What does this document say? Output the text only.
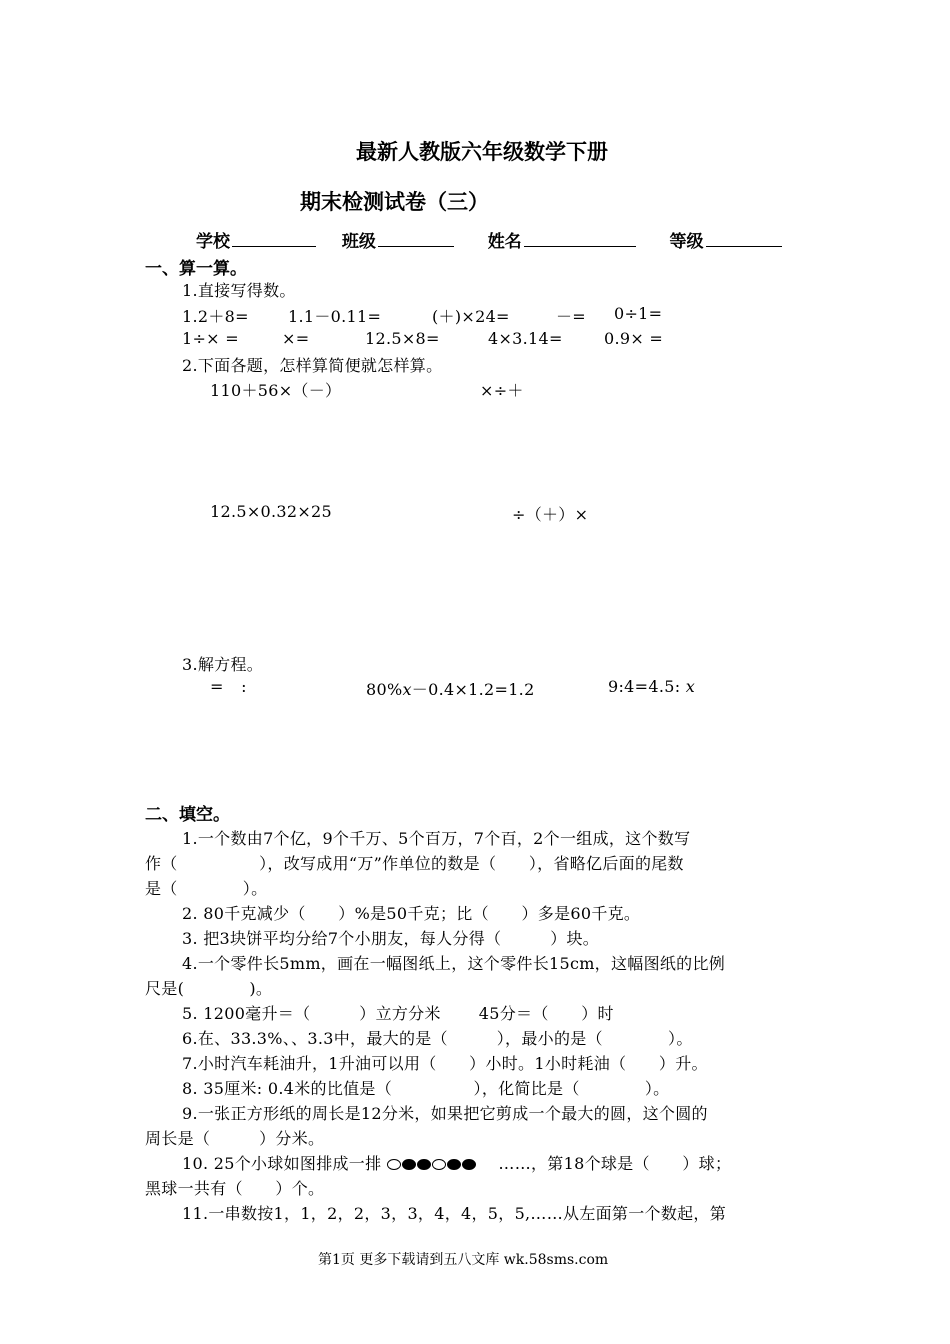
最新人教版六年级数学下册
期末检测试卷（三）
学校	班级	姓名	等级
一、算一算。
1.直接写得数。
1.2＋8= 1.1－0.11=	(＋)×24=	－= 0÷1=
1÷× =	×=	12.5×8=	4×3.14=	0.9× =
2.下面各题，怎样算简便就怎样算。
110＋56×（－）	×÷＋
12.5×0.32×25	÷（＋）×
3.解方程。
= :	80%x－0.4×1.2=1.2	9:4=4.5: x
二、填空。
1.一个数由7个亿，9个千万、5个百万，7个百，2个一组成，这个数写
作（　　　　　），改写成用“万”作单位的数是（　　），省略亿后面的尾数
是（　　　　）。
2. 80千克减少（　　）%是50千克；比（　　）多是60千克。
3. 把3块饼平均分给7个小朋友，每人分得（　　　）块。
4.一个零件长5mm，画在一幅图纸上，这个零件长15cm，这幅图纸的比例
尺是(　　　　)。
5. 1200毫升＝（　　　）立方分米　　 45分＝（　　）时
6.在、33.3%、、3.3中，最大的是（　　　），最小的是（　　　　）。
7.小时汽车耗油升，1升油可以用（　　）小时。1小时耗油（　　）升。
8. 35厘米: 0.4米的比值是（　　　　　），化简比是（　　　　）。
9.一张正方形纸的周长是12分米，如果把它剪成一个最大的圆，这个圆的
周长是（　　　）分米。
10. 25个小球如图排成一排	……，第18个球是（　　）球；
黑球一共有（　　）个。
11.一串数按1，1，2，2，3，3，4，4，5，5,……从左面第一个数起，第
第1页 更多下载请到五八文库 wk.58sms.com
